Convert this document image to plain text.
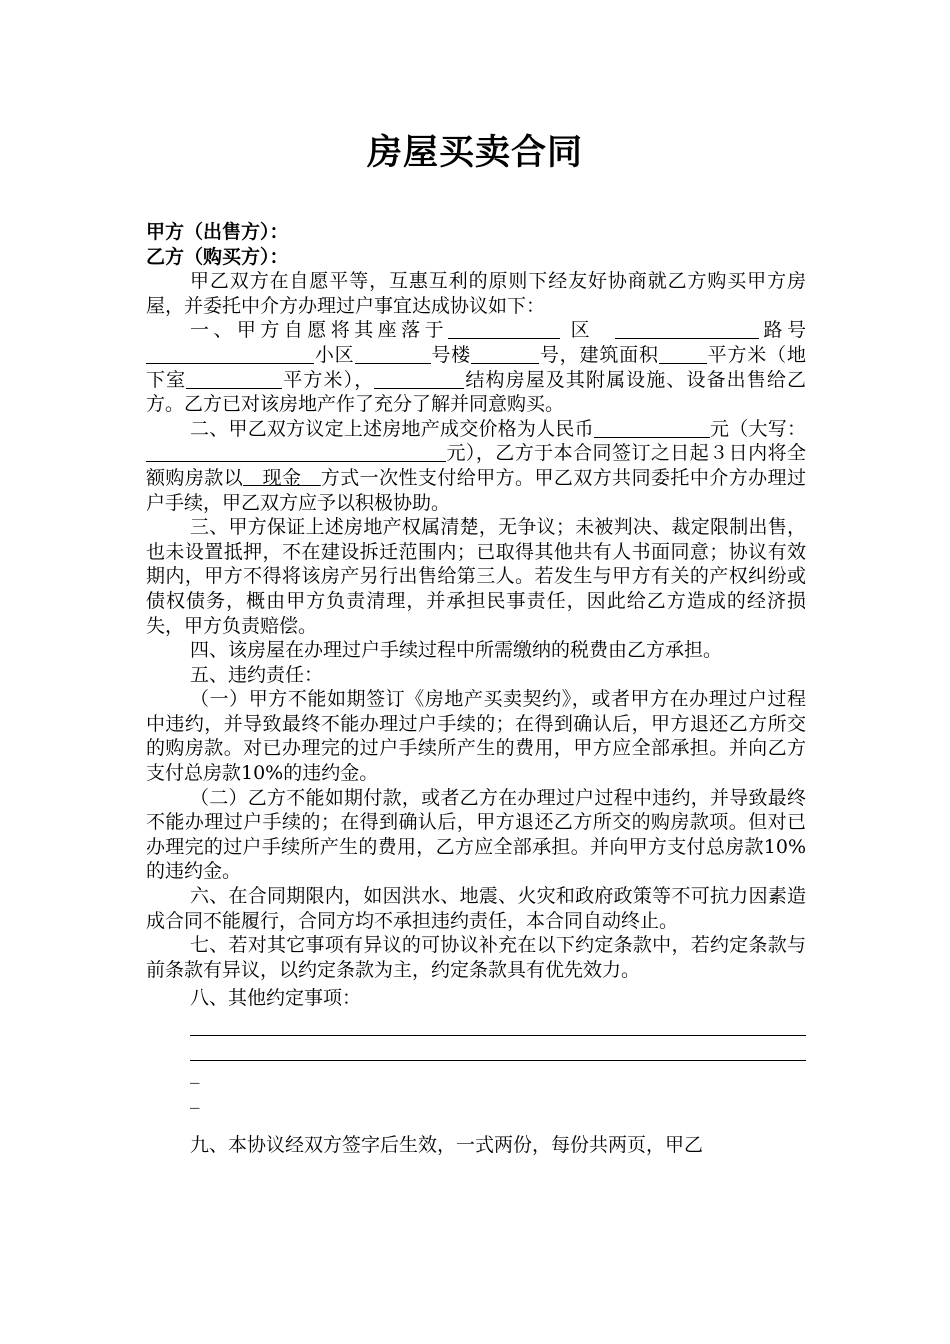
房屋买卖合同

甲方（出售方）：

乙方（购买方）：

甲乙双方在自愿平等，互惠互利的原则下经友好协商就乙方购买甲方房屋，并委托中介方办理过户事宜达成协议如下：

一、甲方自愿将其座落于	区	路号小区	号楼	号，建筑面积	平方米（地下室	平方米），	结构房屋及其附属设施、设备出售给乙方。乙方已对该房地产作了充分了解并同意购买。

二、甲乙双方议定上述房地产成交价格为人民币	元（大写：元），乙方于本合同签订之日起３日内将全额购房款以 现金 方式一次性支付给甲方。甲乙双方共同委托中介方办理过户手续，甲乙双方应予以积极协助。

三、甲方保证上述房地产权属清楚，无争议；未被判决、裁定限制出售，也未设置抵押，不在建设拆迁范围内；已取得其他共有人书面同意；协议有效期内，甲方不得将该房产另行出售给第三人。若发生与甲方有关的产权纠纷或债权债务，概由甲方负责清理，并承担民事责任，因此给乙方造成的经济损失，甲方负责赔偿。

四、该房屋在办理过户手续过程中所需缴纳的税费由乙方承担。

五、违约责任：

（一）甲方不能如期签订《房地产买卖契约》，或者甲方在办理过户过程中违约，并导致最终不能办理过户手续的；在得到确认后，甲方退还乙方所交的购房款。对已办理完的过户手续所产生的费用，甲方应全部承担。并向乙方支付总房款10%的违约金。

（二）乙方不能如期付款，或者乙方在办理过户过程中违约，并导致最终不能办理过户手续的；在得到确认后，甲方退还乙方所交的购房款项。但对已办理完的过户手续所产生的费用，乙方应全部承担。并向甲方支付总房款10%的违约金。

六、在合同期限内，如因洪水、地震、火灾和政府政策等不可抗力因素造成合同不能履行，合同方均不承担违约责任，本合同自动终止。

七、若对其它事项有异议的可协议补充在以下约定条款中，若约定条款与前条款有异议，以约定条款为主，约定条款具有优先效力。

八、其他约定事项：

_
_

九、本协议经双方签字后生效，一式两份，每份共两页，甲乙
